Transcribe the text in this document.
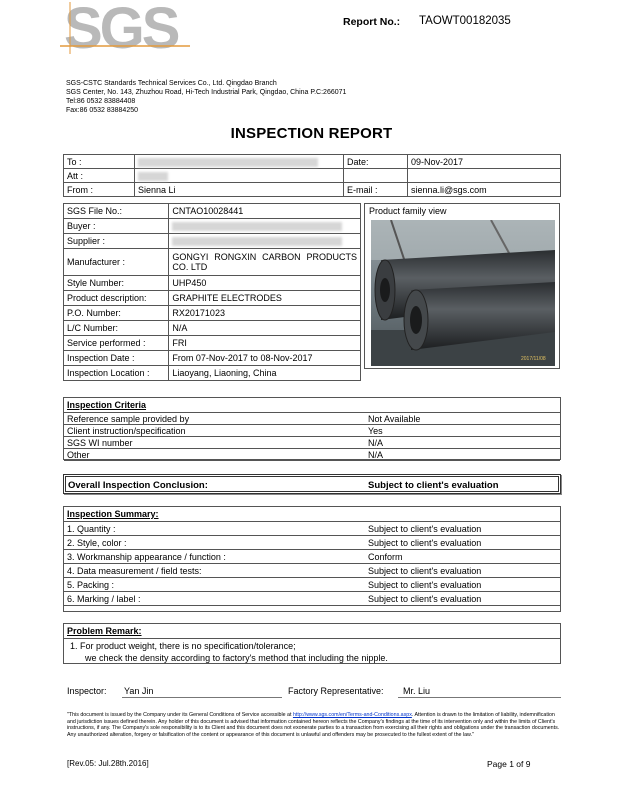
SGS	Report No.: TAOWT00182035
SGS-CSTC Standards Technical Services Co., Ltd. Qingdao Branch
SGS Center, No. 143, Zhuzhou Road, Hi-Tech Industrial Park, Qingdao, China P.C:266071
Tel:86 0532 83884408
Fax:86 0532 83884250
INSPECTION REPORT
To :		Date:	09-Nov-2017
Att :			
From :	Sienna Li	E-mail :	sienna.li@sgs.com
SGS File No.:	CNTAO10028441
Buyer :	
Supplier :	
Manufacturer :	GONGYI RONGXIN CARBON PRODUCTS CO. LTD
Style Number:	UHP450
Product description:	GRAPHITE ELECTRODES
P.O. Number:	RX20171023
L/C Number:	N/A
Service performed :	FRI
Inspection Date :	From 07-Nov-2017 to 08-Nov-2017
Inspection Location :	Liaoyang, Liaoning, China
Product family view
2017/11/08
Inspection Criteria
Reference sample provided by	Not Available
Client instruction/specification	Yes
SGS WI number	N/A
Other	N/A
Overall Inspection Conclusion:	Subject to client's evaluation
Inspection Summary:
1. Quantity :	Subject to client's evaluation
2. Style, color :	Subject to client's evaluation
3. Workmanship appearance / function :	Conform
4. Data measurement / field tests:	Subject to client's evaluation
5. Packing :	Subject to client's evaluation
6. Marking / label :	Subject to client's evaluation
Problem Remark:
1. For product weight, there is no specification/tolerance;
we check the density according to factory's method that including the nipple.
Inspector: Yan Jin	Factory Representative: Mr. Liu
"This document is issued by the Company under its General Conditions of Service accessible at http://www.sgs.com/en/Terms-and-Conditions.aspx. Attention is drawn to the limitation of liability, indemnification and jurisdiction issues defined therein. Any holder of this document is advised that information contained hereon reflects the Company's findings at the time of its intervention only and within the limits of Client's instructions, if any. The Company's sole responsibility is to its Client and this document does not exonerate parties to a transaction from exercising all their rights and obligations under the transaction documents. Any unauthorized alteration, forgery or falsification of the content or appearance of this document is unlawful and offenders may be prosecuted to the fullest extent of the law."
[Rev.05: Jul.28th.2016]	Page 1 of 9
